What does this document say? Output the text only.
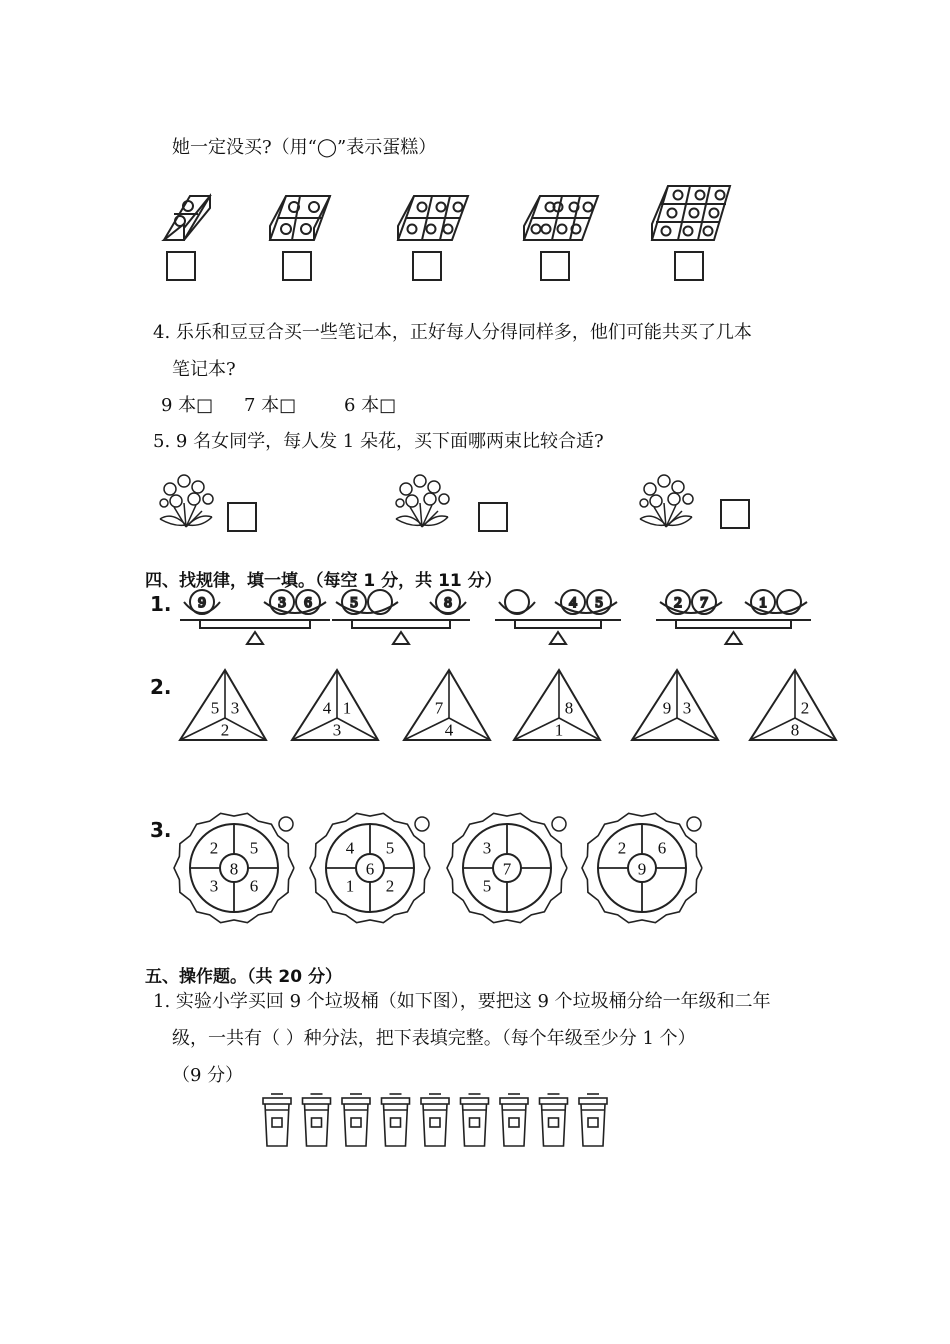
她一定没买?（用“◯”表示蛋糕）
4. 乐乐和豆豆合买一些笔记本，正好每人分得同样多，他们可能共买了几本
笔记本?
9 本□ 7 本□	6 本□
5. 9 名女同学，每人发 1 朵花，买下面哪两束比较合适?
四、找规律，填一填。（每空 1 分，共 11 分）
1.
2.
3.
9	3 6	5	8	4 5	2 7	1
5 3
2
4 1
3
7
4
8
1
9 3	2
8
8
2 5
3 6
6
4 5
1 2
7
3
5
9
2 6
五、操作题。（共 20 分）
1. 实验小学买回 9 个垃圾桶（如下图），要把这 9 个垃圾桶分给一年级和二年
级，一共有（ ）种分法，把下表填完整。（每个年级至少分 1 个）
（9 分）
